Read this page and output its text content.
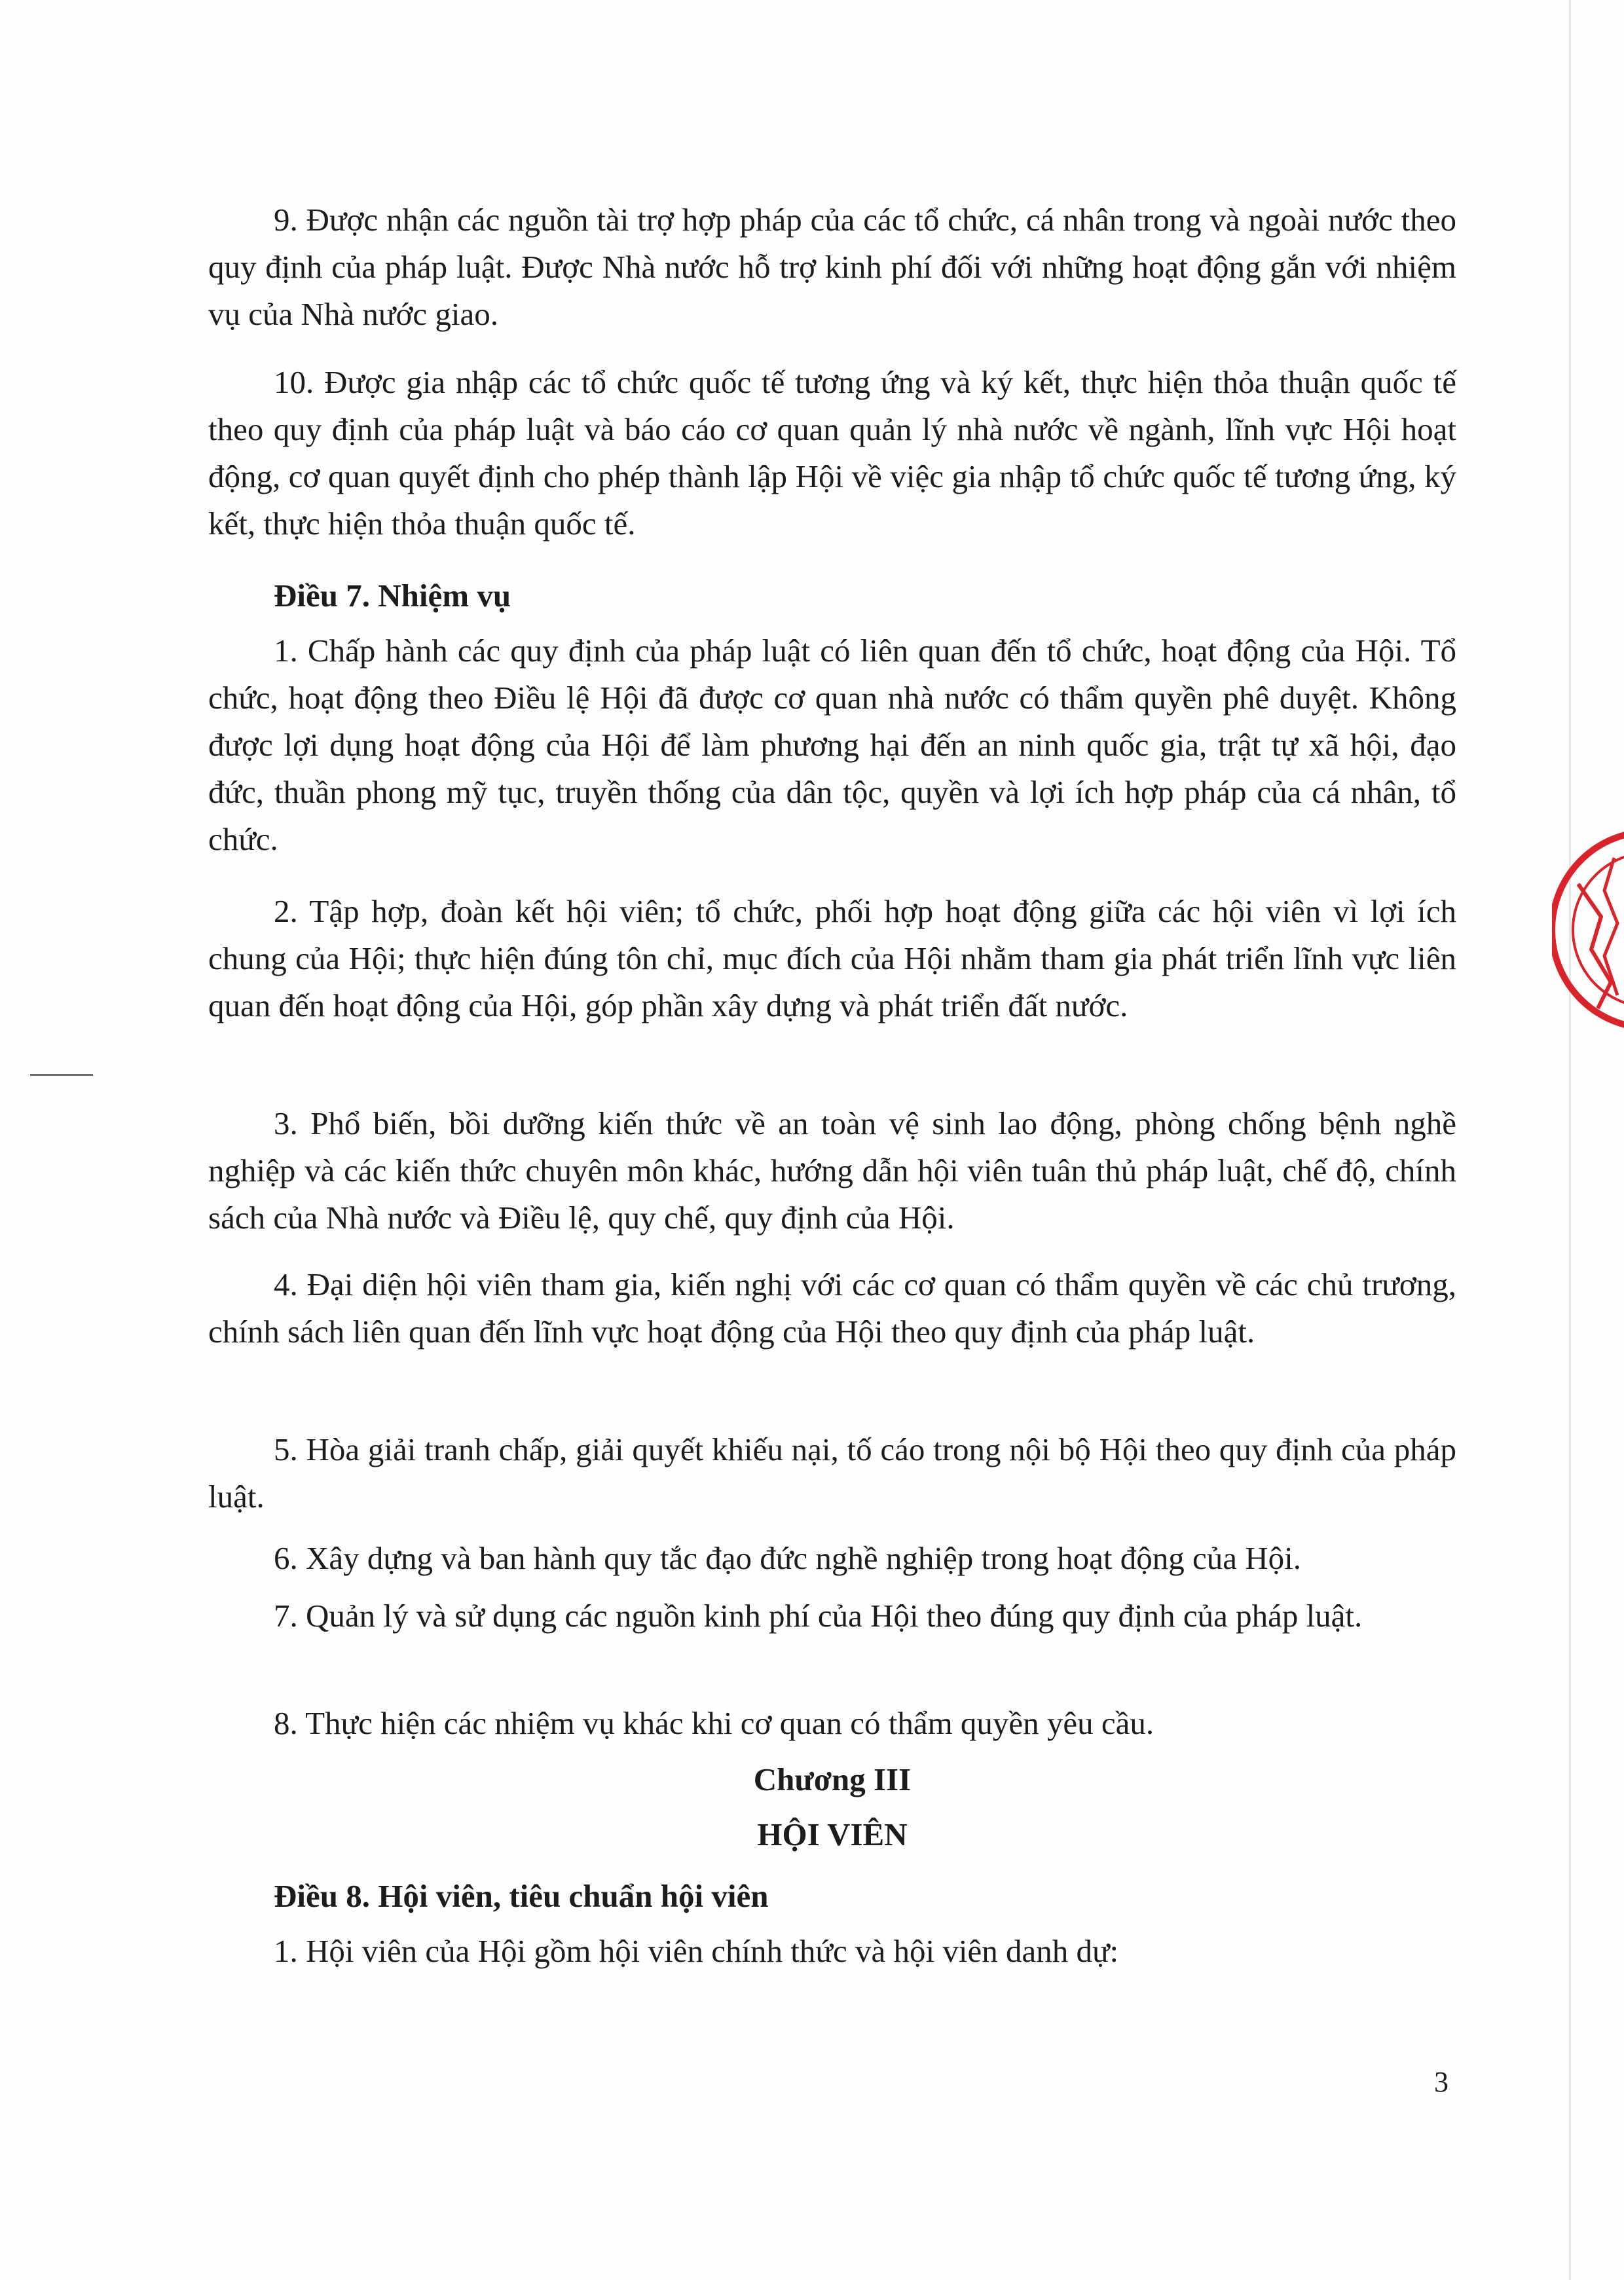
9. Được nhận các nguồn tài trợ hợp pháp của các tổ chức, cá nhân trong và ngoài nước theo quy định của pháp luật. Được Nhà nước hỗ trợ kinh phí đối với những hoạt động gắn với nhiệm vụ của Nhà nước giao.

10. Được gia nhập các tổ chức quốc tế tương ứng và ký kết, thực hiện thỏa thuận quốc tế theo quy định của pháp luật và báo cáo cơ quan quản lý nhà nước về ngành, lĩnh vực Hội hoạt động, cơ quan quyết định cho phép thành lập Hội về việc gia nhập tổ chức quốc tế tương ứng, ký kết, thực hiện thỏa thuận quốc tế.

Điều 7. Nhiệm vụ

1. Chấp hành các quy định của pháp luật có liên quan đến tổ chức, hoạt động của Hội. Tổ chức, hoạt động theo Điều lệ Hội đã được cơ quan nhà nước có thẩm quyền phê duyệt. Không được lợi dụng hoạt động của Hội để làm phương hại đến an ninh quốc gia, trật tự xã hội, đạo đức, thuần phong mỹ tục, truyền thống của dân tộc, quyền và lợi ích hợp pháp của cá nhân, tổ chức.

2. Tập hợp, đoàn kết hội viên; tổ chức, phối hợp hoạt động giữa các hội viên vì lợi ích chung của Hội; thực hiện đúng tôn chỉ, mục đích của Hội nhằm tham gia phát triển lĩnh vực liên quan đến hoạt động của Hội, góp phần xây dựng và phát triển đất nước.

3. Phổ biến, bồi dưỡng kiến thức về an toàn vệ sinh lao động, phòng chống bệnh nghề nghiệp và các kiến thức chuyên môn khác, hướng dẫn hội viên tuân thủ pháp luật, chế độ, chính sách của Nhà nước và Điều lệ, quy chế, quy định của Hội.

4. Đại diện hội viên tham gia, kiến nghị với các cơ quan có thẩm quyền về các chủ trương, chính sách liên quan đến lĩnh vực hoạt động của Hội theo quy định của pháp luật.

5. Hòa giải tranh chấp, giải quyết khiếu nại, tố cáo trong nội bộ Hội theo quy định của pháp luật.

6. Xây dựng và ban hành quy tắc đạo đức nghề nghiệp trong hoạt động của Hội.

7. Quản lý và sử dụng các nguồn kinh phí của Hội theo đúng quy định của pháp luật.

8. Thực hiện các nhiệm vụ khác khi cơ quan có thẩm quyền yêu cầu.

Chương III

HỘI VIÊN

Điều 8. Hội viên, tiêu chuẩn hội viên

1. Hội viên của Hội gồm hội viên chính thức và hội viên danh dự:

3
